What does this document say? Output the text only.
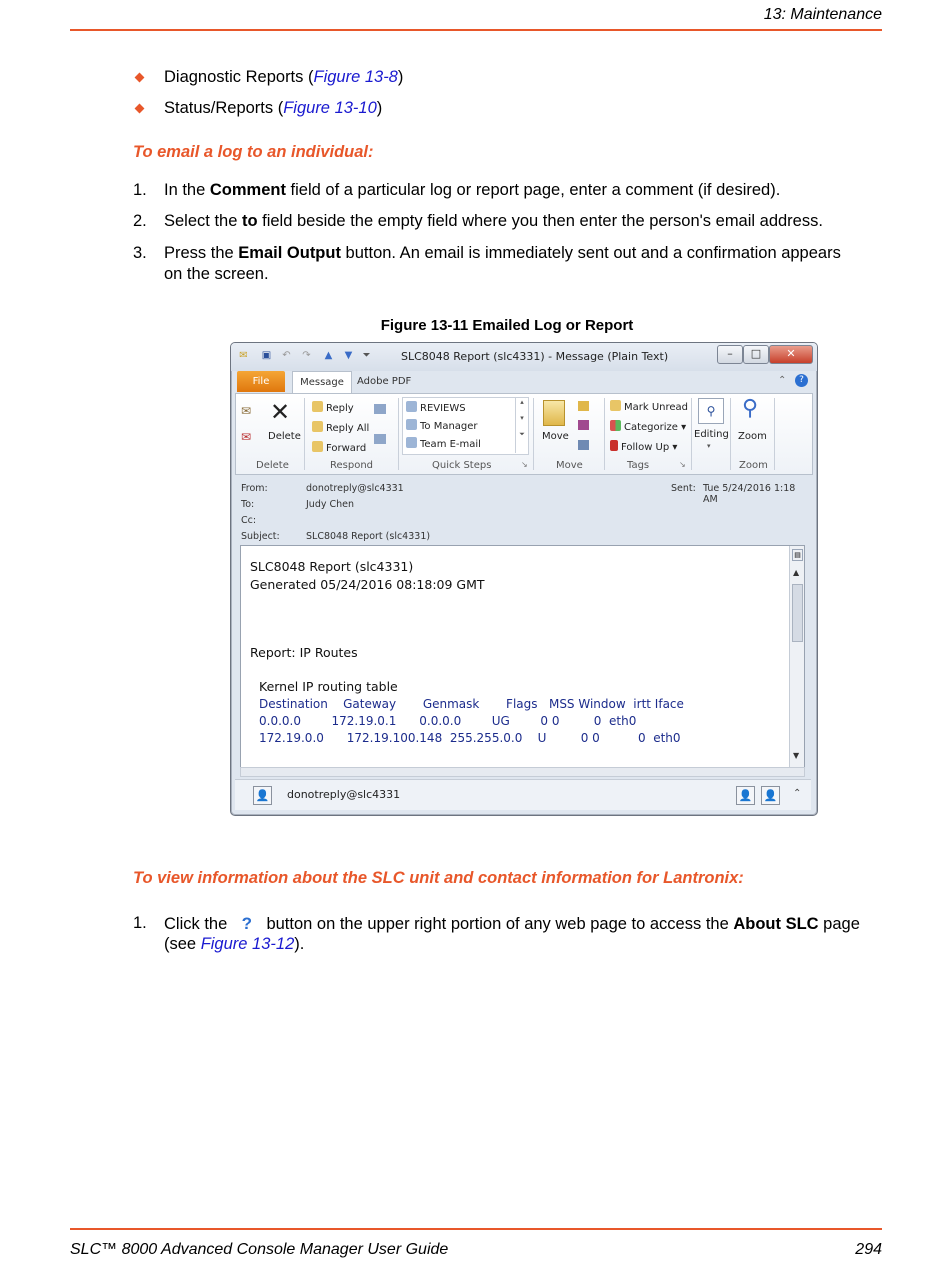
13: Maintenance
Diagnostic Reports (Figure 13-8)
Status/Reports (Figure 13-10)
To email a log to an individual:
1. In the Comment field of a particular log or report page, enter a comment (if desired).
2. Select the to field beside the empty field where you then enter the person's email address.
3. Press the Email Output button. An email is immediately sent out and a confirmation appears
on the screen.
Figure 13-11 Emailed Log or Report
✉ ▣ ↶ ↷ ▲ ▼ ⏷	SLC8048 Report (slc4331) - Message (Plain Text)	–	□	✕
File	Message	Adobe PDF	⌃	?
✉
✉
✕
Delete
Delete
Reply
Reply All
Forward
Respond
REVIEWS
To Manager
Team E-mail
▴

▾

⏷
Quick Steps	↘
Move
Move
Mark Unread
Categorize ▾
Follow Up ▾
Tags	↘
⚲
Editing
▾
⚲
Zoom
Zoom
From:	donotreply@slc4331	Sent: Tue 5/24/2016 1:18 AM
To:	Judy Chen
Cc:
Subject:	SLC8048 Report (slc4331)
SLC8048 Report (slc4331)
Generated 05/24/2016 08:18:09 GMT
Report: IP Routes
Kernel IP routing table
Destination    Gateway       Genmask       Flags   MSS Window  irtt Iface
0.0.0.0        172.19.0.1      0.0.0.0        UG        0 0         0  eth0
172.19.0.0      172.19.100.148  255.255.0.0    U         0 0          0  eth0
▤
▲
▼
👤 donotreply@slc4331	👤 👤 ⌃
To view information about the SLC unit and contact information for Lantronix:
1. Click the ? button on the upper right portion of any web page to access the About SLC page
(see Figure 13-12).
SLC™ 8000 Advanced Console Manager User Guide	294
